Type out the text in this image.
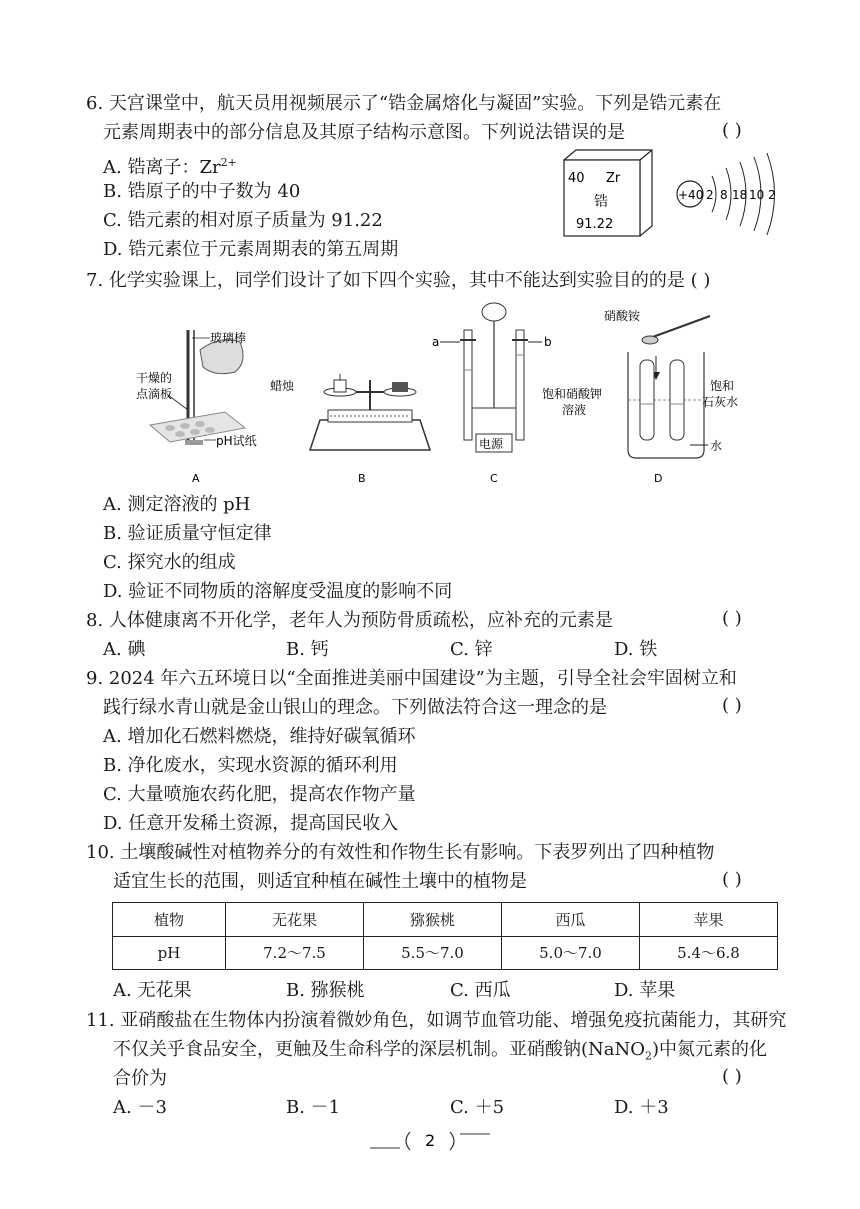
6. 天宫课堂中，航天员用视频展示了“锆金属熔化与凝固”实验。下列是锆元素在
元素周期表中的部分信息及其原子结构示意图。下列说法错误的是	( )
A. 锆离子：$Zr^{2+}$
B. 锆原子的中子数为 40
C. 锆元素的相对原子质量为 91.22
D. 锆元素位于元素周期表的第五周期
40 Zr
锆
91.22
+40 2 8 18 10 2
7. 化学实验课上，同学们设计了如下四个实验，其中不能达到实验目的的是 ( )
玻璃棒
干燥的
点滴板
pH试纸
A
蜡烛
B
a	b
电源
C
硝酸铵
饱和硝酸钾
溶液
饱和
石灰水
水
D
A. 测定溶液的 pH
B. 验证质量守恒定律
C. 探究水的组成
D. 验证不同物质的溶解度受温度的影响不同
8. 人体健康离不开化学，老年人为预防骨质疏松，应补充的元素是	( )
A. 碘	B. 钙	C. 锌	D. 铁
9. 2024 年六五环境日以“全面推进美丽中国建设”为主题，引导全社会牢固树立和
践行绿水青山就是金山银山的理念。下列做法符合这一理念的是	( )
A. 增加化石燃料燃烧，维持好碳氧循环
B. 净化废水，实现水资源的循环利用
C. 大量喷施农药化肥，提高农作物产量
D. 任意开发稀土资源，提高国民收入
10. 土壤酸碱性对植物养分的有效性和作物生长有影响。下表罗列出了四种植物
适宜生长的范围，则适宜种植在碱性土壤中的植物是	( )
植物	无花果	猕猴桃	西瓜	苹果
pH	7.2～7.5	5.5～7.0	5.0～7.0	5.4～6.8
A. 无花果	B. 猕猴桃	C. 西瓜	D. 苹果
11. 亚硝酸盐在生物体内扮演着微妙角色，如调节血管功能、增强免疫抗菌能力，其研究
不仅关乎食品安全，更触及生命科学的深层机制。亚硝酸钠(NaNO$_2$)中氮元素的化
合价为	( )
A. －3	B. －1	C. ＋5	D. ＋3
2
